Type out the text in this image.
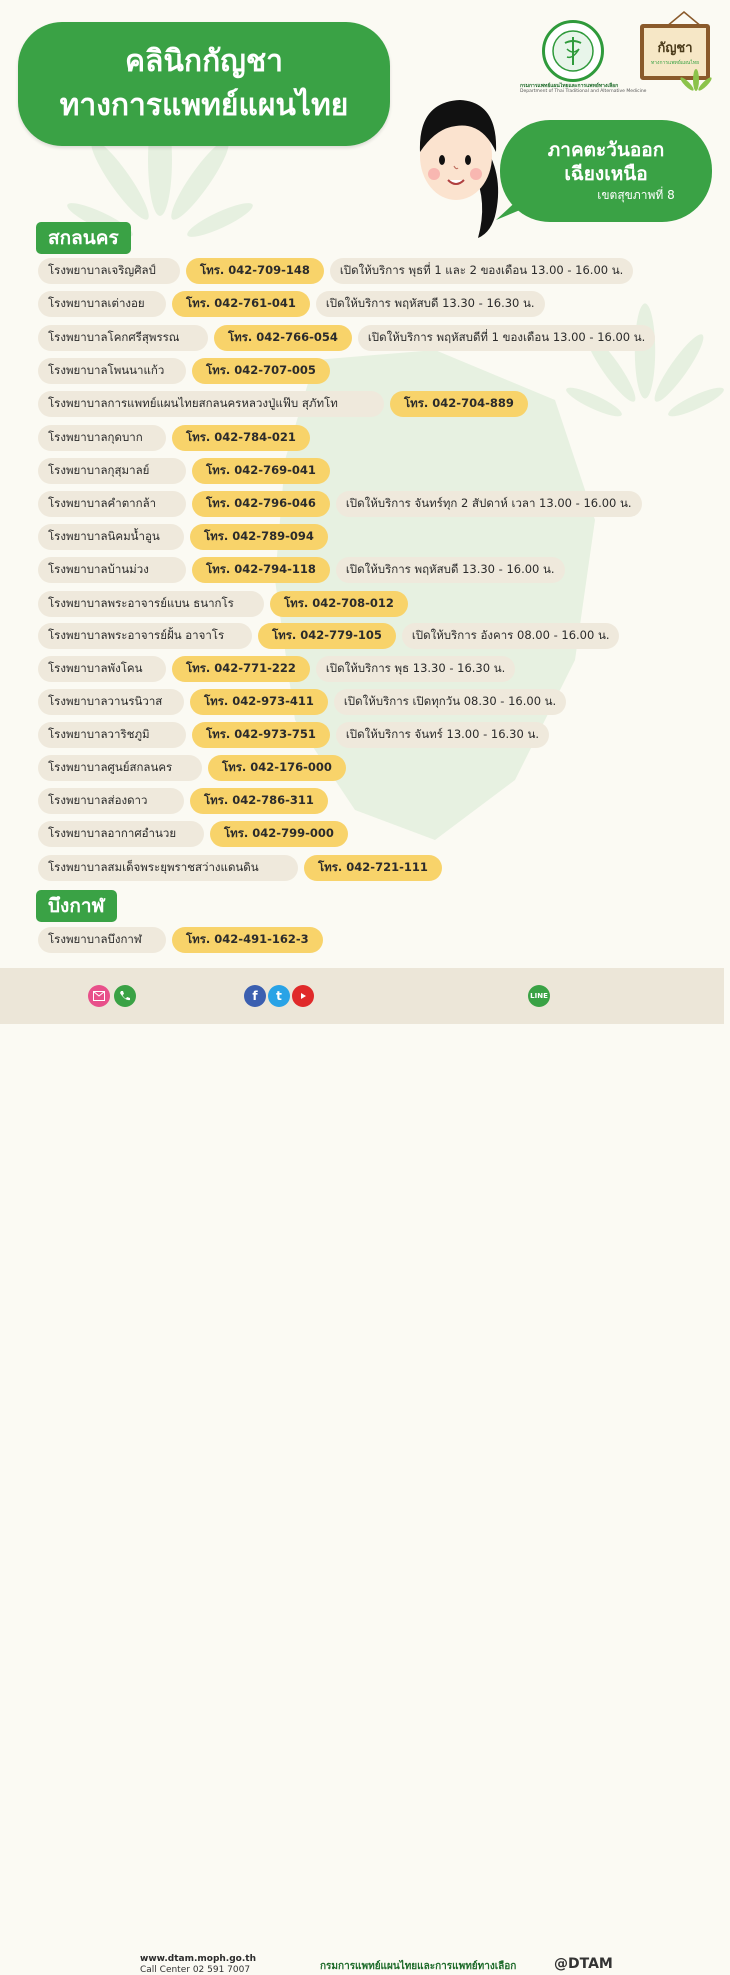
คลินิกกัญชา
ทางการแพทย์แผนไทย
กรมการแพทย์แผนไทยและการแพทย์ทางเลือก
Department of Thai Traditional and Alternative Medicine
กัญชา
ทางการแพทย์แผนไทย
ภาคตะวันออก
เฉียงเหนือ
เขตสุขภาพที่ 8
สกลนคร
โรงพยาบาลเจริญศิลป์	โทร. 042-709-148	เปิดให้บริการ พุธที่ 1 และ 2 ของเดือน 13.00 - 16.00 น.
โรงพยาบาลเต่างอย	โทร. 042-761-041	เปิดให้บริการ พฤหัสบดี 13.30 - 16.30 น.
โรงพยาบาลโคกศรีสุพรรณ	โทร. 042-766-054	เปิดให้บริการ พฤหัสบดีที่ 1 ของเดือน 13.00 - 16.00 น.
โรงพยาบาลโพนนาแก้ว	โทร. 042-707-005
โรงพยาบาลการแพทย์แผนไทยสกลนครหลวงปู่แฟ๊บ สุภัทโท	โทร. 042-704-889
โรงพยาบาลกุดบาก	โทร. 042-784-021
โรงพยาบาลกุสุมาลย์	โทร. 042-769-041
โรงพยาบาลคำตากล้า	โทร. 042-796-046	เปิดให้บริการ จันทร์ทุก 2 สัปดาห์ เวลา 13.00 - 16.00 น.
โรงพยาบาลนิคมน้ำอูน	โทร. 042-789-094
โรงพยาบาลบ้านม่วง	โทร. 042-794-118	เปิดให้บริการ พฤหัสบดี 13.30 - 16.00 น.
โรงพยาบาลพระอาจารย์แบน ธนากโร	โทร. 042-708-012
โรงพยาบาลพระอาจารย์ฝั้น อาจาโร	โทร. 042-779-105	เปิดให้บริการ อังคาร 08.00 - 16.00 น.
โรงพยาบาลพังโคน	โทร. 042-771-222	เปิดให้บริการ พุธ 13.30 - 16.30 น.
โรงพยาบาลวานรนิวาส	โทร. 042-973-411	เปิดให้บริการ เปิดทุกวัน 08.30 - 16.00 น.
โรงพยาบาลวาริชภูมิ	โทร. 042-973-751	เปิดให้บริการ จันทร์ 13.00 - 16.30 น.
โรงพยาบาลศูนย์สกลนคร	โทร. 042-176-000
โรงพยาบาลส่องดาว	โทร. 042-786-311
โรงพยาบาลอากาศอำนวย	โทร. 042-799-000
โรงพยาบาลสมเด็จพระยุพราชสว่างแดนดิน	โทร. 042-721-111
บึงกาฬ
โรงพยาบาลบึงกาฬ	โทร. 042-491-162-3
www.dtam.moph.go.th
Call Center 02 591 7007
f	t
กรมการแพทย์แผนไทยและการแพทย์ทางเลือก
LINE
@DTAM
